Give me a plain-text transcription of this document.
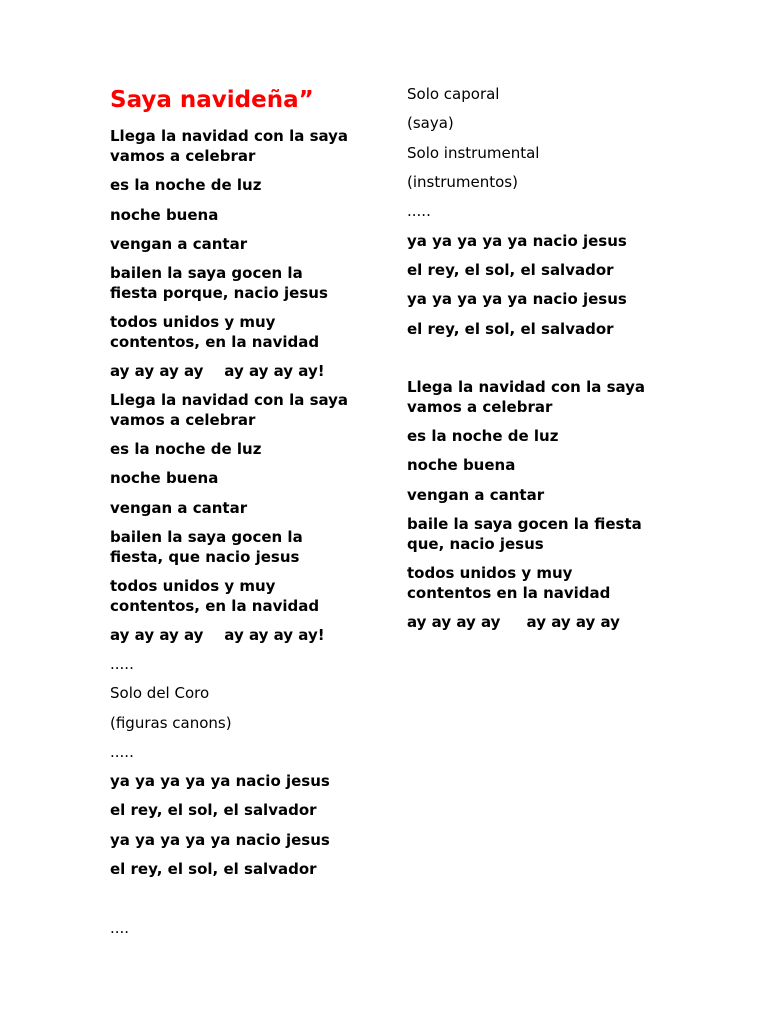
Saya navideña”

Llega la navidad con la saya

vamos a celebrar

es la noche de luz

noche buena

vengan a cantar

bailen la saya gocen la

fiesta porque, nacio jesus

todos unidos y muy

contentos, en la navidad

ay ay ay ay    ay ay ay ay!

Llega la navidad con la saya

vamos a celebrar

es la noche de luz

noche buena

vengan a cantar

bailen la saya gocen la

fiesta, que nacio jesus

todos unidos y muy

contentos, en la navidad

ay ay ay ay    ay ay ay ay!

.....

Solo del Coro

(figuras canons)

.....

ya ya ya ya ya nacio jesus

el rey, el sol, el salvador

ya ya ya ya ya nacio jesus

el rey, el sol, el salvador

....

Solo caporal

(saya)

Solo instrumental

(instrumentos)

.....

ya ya ya ya ya nacio jesus

el rey, el sol, el salvador

ya ya ya ya ya nacio jesus

el rey, el sol, el salvador

Llega la navidad con la saya

vamos a celebrar

es la noche de luz

noche buena

vengan a cantar

baile la saya gocen la fiesta

que, nacio jesus

todos unidos y muy

contentos en la navidad

ay ay ay ay     ay ay ay ay
